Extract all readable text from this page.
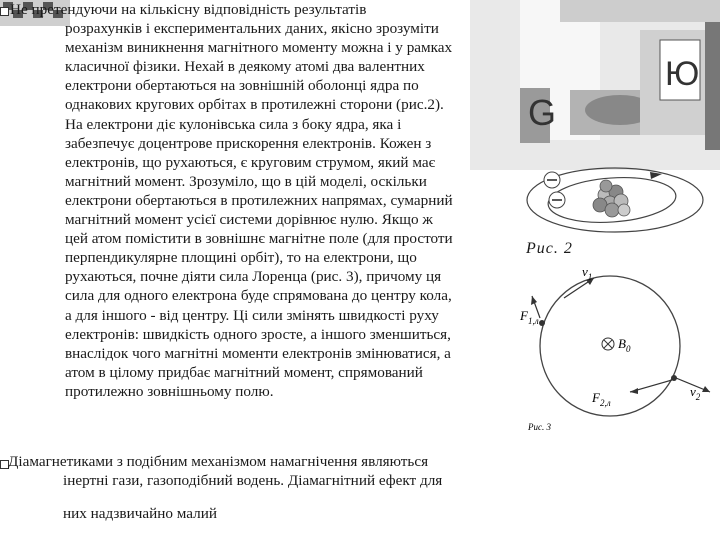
G
Ю
Рис. 2
$v_1$
$F_{1,л}$
$B_0$
$F_{2,л}$
$v_2$
Рис. 3
Не претендуючи на кількісну відповідність результатів
розрахунків і експериментальних даних, якісно зрозуміти
механізм виникнення магнітного моменту можна і у рамках
класичної фізики. Нехай в деякому атомі два валентних
електрони обертаються на зовнішній оболонці ядра по
однакових кругових орбітах в протилежні сторони (рис.2).
На електрони діє кулонівська сила з боку ядра, яка і
забезпечує доцентрове прискорення електронів. Кожен з
електронів, що рухаються, є круговим струмом, який має
магнітний момент. Зрозуміло, що в цій моделі, оскільки
електрони обертаються в протилежних напрямах, сумарний
магнітний момент усієї системи дорівнює нулю. Якщо ж
цей атом помістити в зовнішнє магнітне поле (для простоти
перпендикулярне площині орбіт), то на електрони, що
рухаються, почне діяти сила Лоренца (рис. 3), причому ця
сила для одного електрона буде спрямована до центру кола,
а для іншого - від центру. Ці сили змінять швидкості руху
електронів: швидкість одного зросте, а іншого зменшиться,
внаслідок чого магнітні моменти електронів змінюватися, а
атом в цілому придбає магнітний момент, спрямований
протилежно зовнішньому полю.
Діамагнетиками з подібним механізмом намагнічення являються
інертні гази, газоподібний водень. Діамагнітний ефект для
них надзвичайно малий
